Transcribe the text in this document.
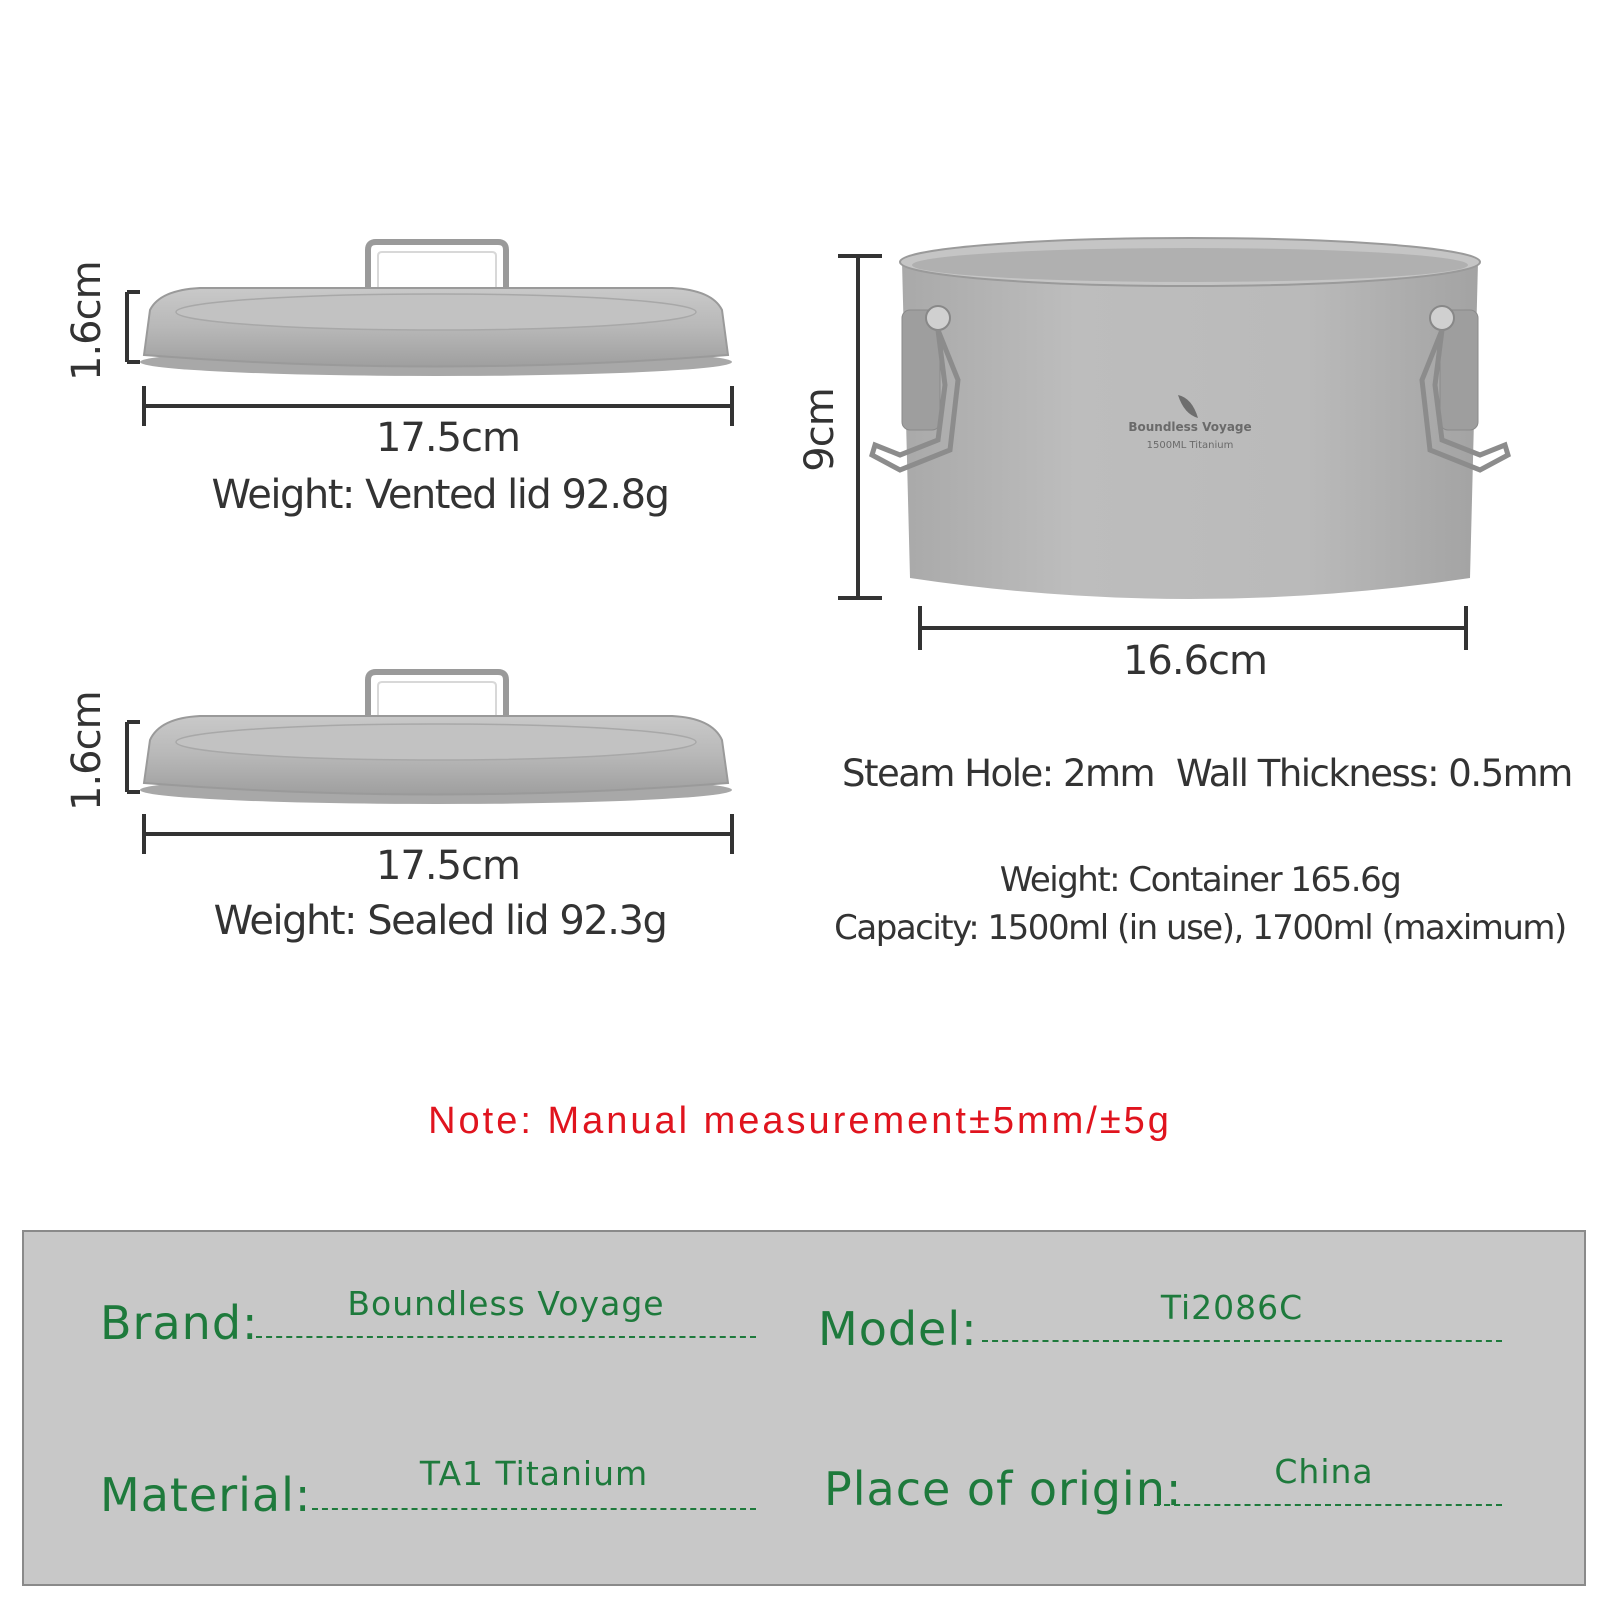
Boundless Voyage
1500ML Titanium
1.6cm
17.5cm
Weight: Vented lid 92.8g
1.6cm
17.5cm
Weight: Sealed lid 92.3g
9cm
16.6cm
Steam Hole: 2mm Wall Thickness: 0.5mm
Weight: Container 165.6g
Capacity: 1500ml (in use), 1700ml (maximum)
Note: Manual measurement±5mm/±5g
Brand:	Boundless Voyage	Model:	Ti2086C
Material:	TA1 Titanium	Place of origin:	China
